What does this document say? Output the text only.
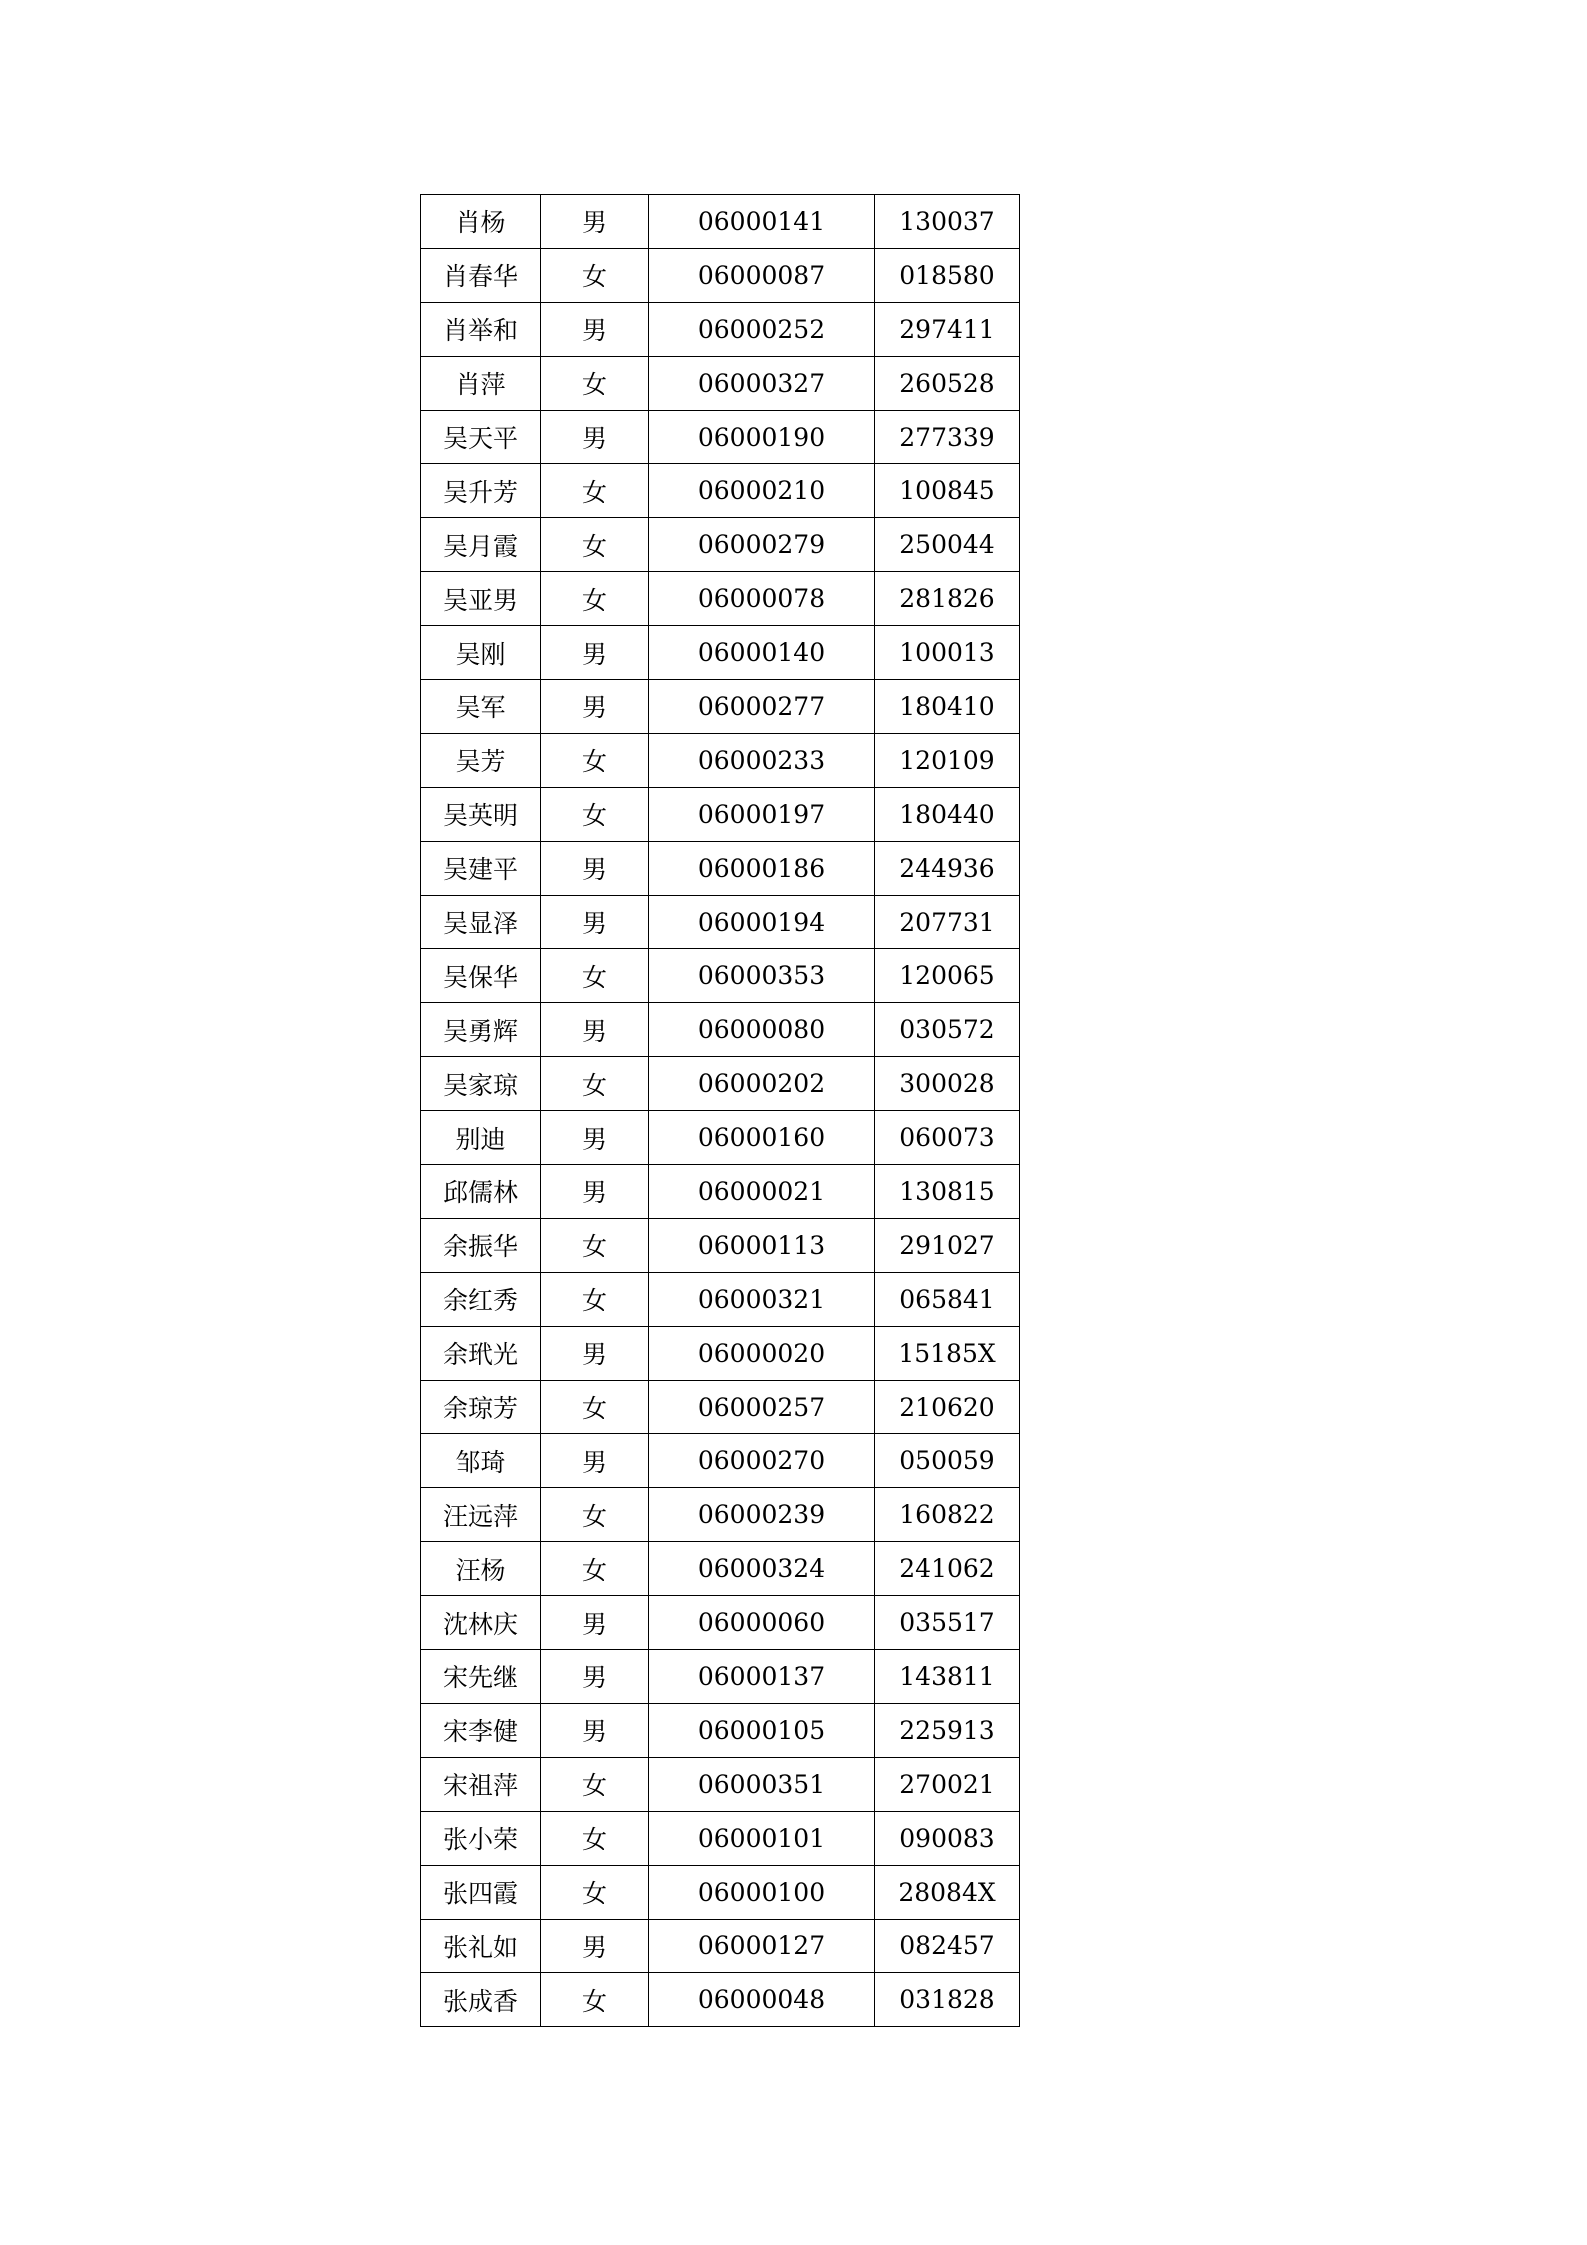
肖杨	男	06000141	130037
肖春华	女	06000087	018580
肖举和	男	06000252	297411
肖萍	女	06000327	260528
吴天平	男	06000190	277339
吴升芳	女	06000210	100845
吴月霞	女	06000279	250044
吴亚男	女	06000078	281826
吴刚	男	06000140	100013
吴军	男	06000277	180410
吴芳	女	06000233	120109
吴英明	女	06000197	180440
吴建平	男	06000186	244936
吴显泽	男	06000194	207731
吴保华	女	06000353	120065
吴勇辉	男	06000080	030572
吴家琼	女	06000202	300028
别迪	男	06000160	060073
邱儒林	男	06000021	130815
余振华	女	06000113	291027
余红秀	女	06000321	065841
余玳光	男	06000020	15185X
余琼芳	女	06000257	210620
邹琦	男	06000270	050059
汪远萍	女	06000239	160822
汪杨	女	06000324	241062
沈林庆	男	06000060	035517
宋先继	男	06000137	143811
宋李健	男	06000105	225913
宋祖萍	女	06000351	270021
张小荣	女	06000101	090083
张四霞	女	06000100	28084X
张礼如	男	06000127	082457
张成香	女	06000048	031828
